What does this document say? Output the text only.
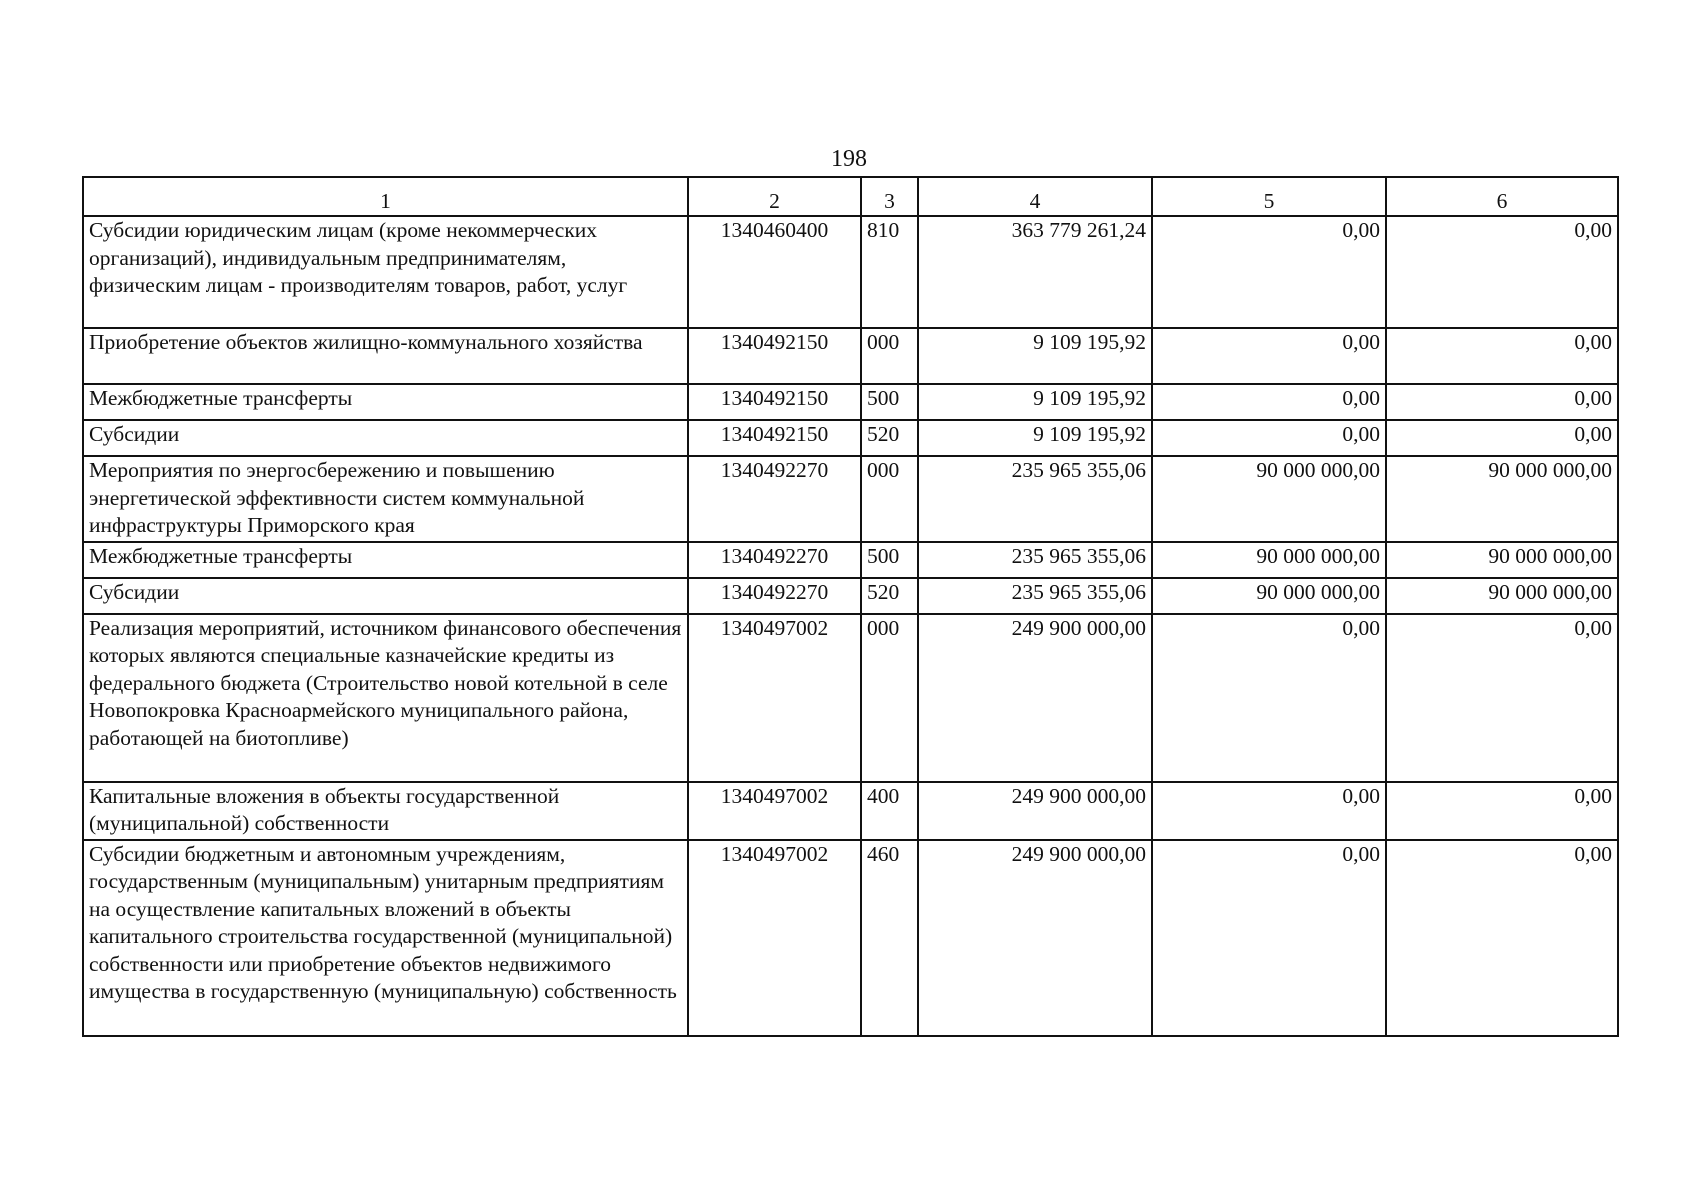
198
1	2	3	4	5	6
Субсидии юридическим лицам (кроме некоммерческих организаций), индивидуальным предпринимателям, физическим лицам - производителям товаров, работ, услуг	1340460400	810	363 779 261,24	0,00	0,00
Приобретение объектов жилищно-коммунального хозяйства	1340492150	000	9 109 195,92	0,00	0,00
Межбюджетные трансферты	1340492150	500	9 109 195,92	0,00	0,00
Субсидии	1340492150	520	9 109 195,92	0,00	0,00
Мероприятия по энергосбережению и повышению энергетической эффективности систем коммунальной инфраструктуры Приморского края	1340492270	000	235 965 355,06	90 000 000,00	90 000 000,00
Межбюджетные трансферты	1340492270	500	235 965 355,06	90 000 000,00	90 000 000,00
Субсидии	1340492270	520	235 965 355,06	90 000 000,00	90 000 000,00
Реализация мероприятий, источником финансового обеспечения которых являются специальные казначейские кредиты из федерального бюджета (Строительство новой котельной в селе Новопокровка Красноармейского муниципального района, работающей на биотопливе)	1340497002	000	249 900 000,00	0,00	0,00
Капитальные вложения в объекты государственной (муниципальной) собственности	1340497002	400	249 900 000,00	0,00	0,00
Субсидии бюджетным и автономным учреждениям, государственным (муниципальным) унитарным предприятиям на осуществление капитальных вложений в объекты капитального строительства государственной (муниципальной) собственности или приобретение объектов недвижимого имущества в государственную (муниципальную) собственность	1340497002	460	249 900 000,00	0,00	0,00
